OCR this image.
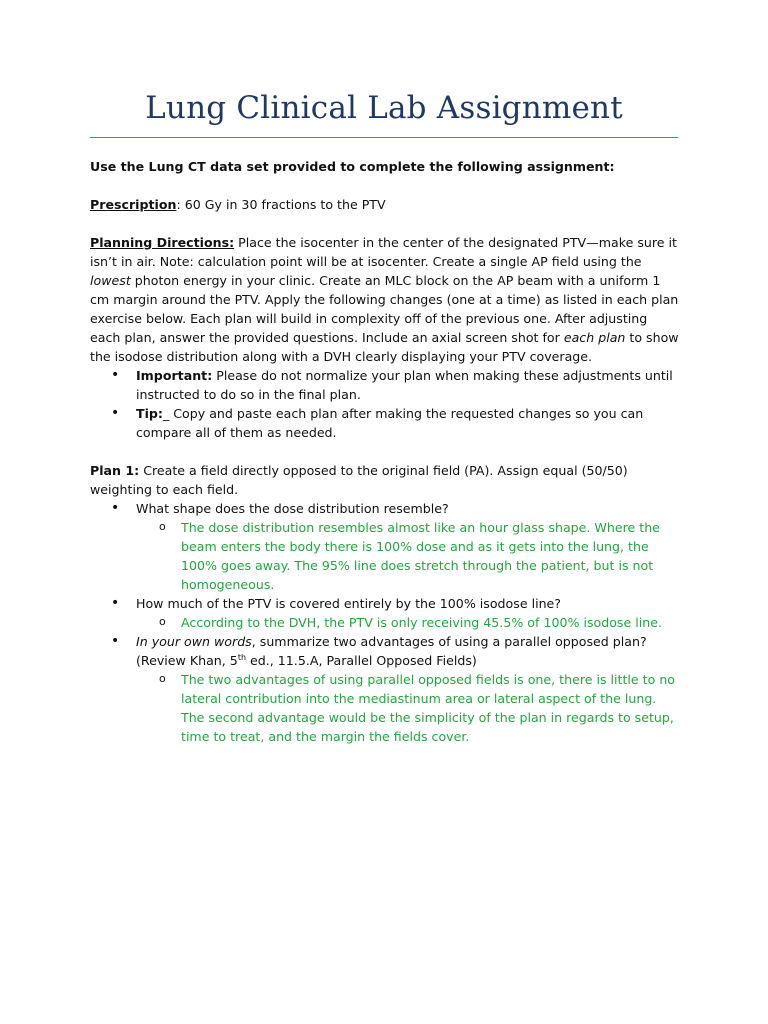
Lung Clinical Lab Assignment

Use the Lung CT data set provided to complete the following assignment:

Prescription: 60 Gy in 30 fractions to the PTV

Planning Directions: Place the isocenter in the center of the designated PTV—make sure it isn’t in air. Note: calculation point will be at isocenter. Create a single AP field using the lowest photon energy in your clinic. Create an MLC block on the AP beam with a uniform 1 cm margin around the PTV. Apply the following changes (one at a time) as listed in each plan exercise below. Each plan will build in complexity off of the previous one. After adjusting each plan, answer the provided questions. Include an axial screen shot for each plan to show the isodose distribution along with a DVH clearly displaying your PTV coverage.

• Important: Please do not normalize your plan when making these adjustments until instructed to do so in the final plan.
• Tip:_ Copy and paste each plan after making the requested changes so you can compare all of them as needed.

Plan 1: Create a field directly opposed to the original field (PA). Assign equal (50/50) weighting to each field.

• What shape does the dose distribution resemble?
o The dose distribution resembles almost like an hour glass shape. Where the beam enters the body there is 100% dose and as it gets into the lung, the 100% goes away. The 95% line does stretch through the patient, but is not homogeneous.
• How much of the PTV is covered entirely by the 100% isodose line?
o According to the DVH, the PTV is only receiving 45.5% of 100% isodose line.
• In your own words, summarize two advantages of using a parallel opposed plan?
(Review Khan, 5th ed., 11.5.A, Parallel Opposed Fields)
o The two advantages of using parallel opposed fields is one, there is little to no lateral contribution into the mediastinum area or lateral aspect of the lung. The second advantage would be the simplicity of the plan in regards to setup, time to treat, and the margin the fields cover.
